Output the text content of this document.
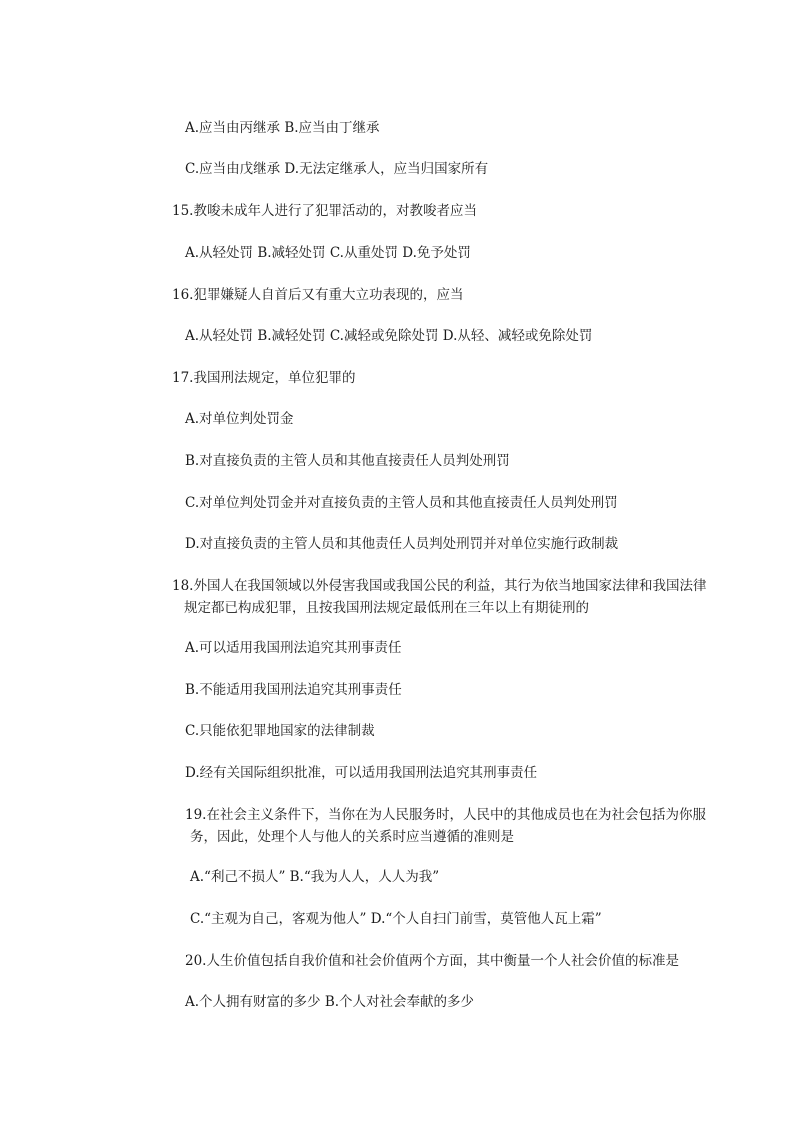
A.应当由丙继承 B.应当由丁继承
C.应当由戊继承 D.无法定继承人，应当归国家所有
15.教唆未成年人进行了犯罪活动的，对教唆者应当
A.从轻处罚 B.减轻处罚 C.从重处罚 D.免予处罚
16.犯罪嫌疑人自首后又有重大立功表现的，应当
A.从轻处罚 B.减轻处罚 C.减轻或免除处罚 D.从轻、减轻或免除处罚
17.我国刑法规定，单位犯罪的
A.对单位判处罚金
B.对直接负责的主管人员和其他直接责任人员判处刑罚
C.对单位判处罚金并对直接负责的主管人员和其他直接责任人员判处刑罚
D.对直接负责的主管人员和其他责任人员判处刑罚并对单位实施行政制裁
18.外国人在我国领域以外侵害我国或我国公民的利益，其行为依当地国家法律和我国法律
规定都已构成犯罪，且按我国刑法规定最低刑在三年以上有期徒刑的
A.可以适用我国刑法追究其刑事责任
B.不能适用我国刑法追究其刑事责任
C.只能依犯罪地国家的法律制裁
D.经有关国际组织批准，可以适用我国刑法追究其刑事责任
19.在社会主义条件下，当你在为人民服务时，人民中的其他成员也在为社会包括为你服
务，因此，处理个人与他人的关系时应当遵循的准则是
A.“利己不损人” B.“我为人人，人人为我”
C.“主观为自己，客观为他人” D.“个人自扫门前雪，莫管他人瓦上霜”
20.人生价值包括自我价值和社会价值两个方面，其中衡量一个人社会价值的标准是
A.个人拥有财富的多少 B.个人对社会奉献的多少
